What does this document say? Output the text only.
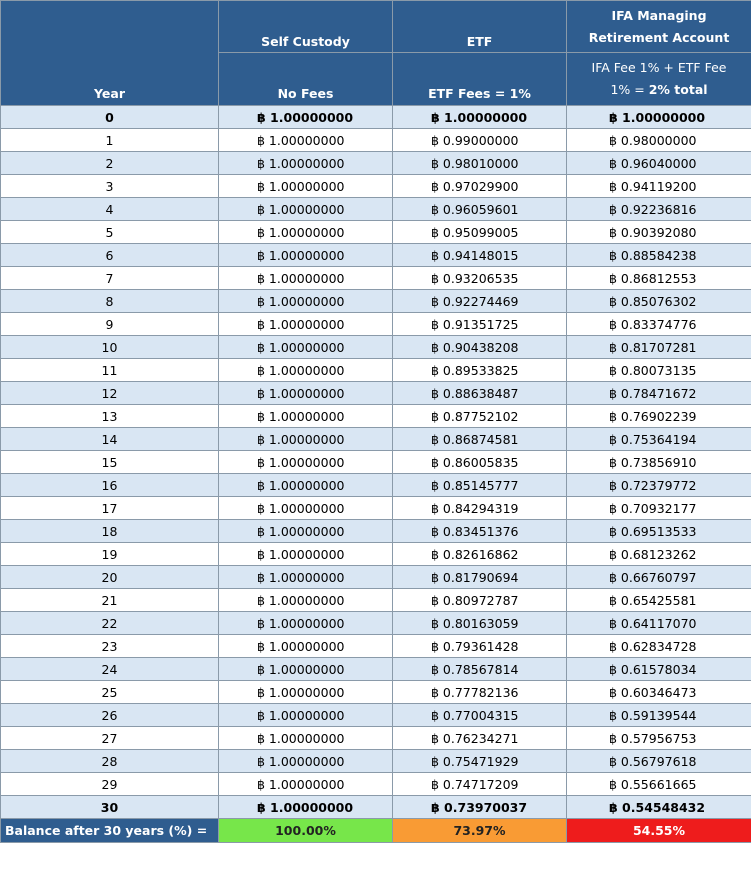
Year	Self Custody	ETF	IFA Managing
Retirement Account

	No Fees	ETF Fees = 1%	IFA Fee 1% + ETF Fee
1% = 2% total

0	฿ 1.00000000	฿ 1.00000000	฿ 1.00000000
1	฿ 1.00000000	฿ 0.99000000	฿ 0.98000000
2	฿ 1.00000000	฿ 0.98010000	฿ 0.96040000
3	฿ 1.00000000	฿ 0.97029900	฿ 0.94119200
4	฿ 1.00000000	฿ 0.96059601	฿ 0.92236816
5	฿ 1.00000000	฿ 0.95099005	฿ 0.90392080
6	฿ 1.00000000	฿ 0.94148015	฿ 0.88584238
7	฿ 1.00000000	฿ 0.93206535	฿ 0.86812553
8	฿ 1.00000000	฿ 0.92274469	฿ 0.85076302
9	฿ 1.00000000	฿ 0.91351725	฿ 0.83374776
10	฿ 1.00000000	฿ 0.90438208	฿ 0.81707281
11	฿ 1.00000000	฿ 0.89533825	฿ 0.80073135
12	฿ 1.00000000	฿ 0.88638487	฿ 0.78471672
13	฿ 1.00000000	฿ 0.87752102	฿ 0.76902239
14	฿ 1.00000000	฿ 0.86874581	฿ 0.75364194
15	฿ 1.00000000	฿ 0.86005835	฿ 0.73856910
16	฿ 1.00000000	฿ 0.85145777	฿ 0.72379772
17	฿ 1.00000000	฿ 0.84294319	฿ 0.70932177
18	฿ 1.00000000	฿ 0.83451376	฿ 0.69513533
19	฿ 1.00000000	฿ 0.82616862	฿ 0.68123262
20	฿ 1.00000000	฿ 0.81790694	฿ 0.66760797
21	฿ 1.00000000	฿ 0.80972787	฿ 0.65425581
22	฿ 1.00000000	฿ 0.80163059	฿ 0.64117070
23	฿ 1.00000000	฿ 0.79361428	฿ 0.62834728
24	฿ 1.00000000	฿ 0.78567814	฿ 0.61578034
25	฿ 1.00000000	฿ 0.77782136	฿ 0.60346473
26	฿ 1.00000000	฿ 0.77004315	฿ 0.59139544
27	฿ 1.00000000	฿ 0.76234271	฿ 0.57956753
28	฿ 1.00000000	฿ 0.75471929	฿ 0.56797618
29	฿ 1.00000000	฿ 0.74717209	฿ 0.55661665
30	฿ 1.00000000	฿ 0.73970037	฿ 0.54548432
Balance after 30 years (%) =	100.00%	73.97%	54.55%
